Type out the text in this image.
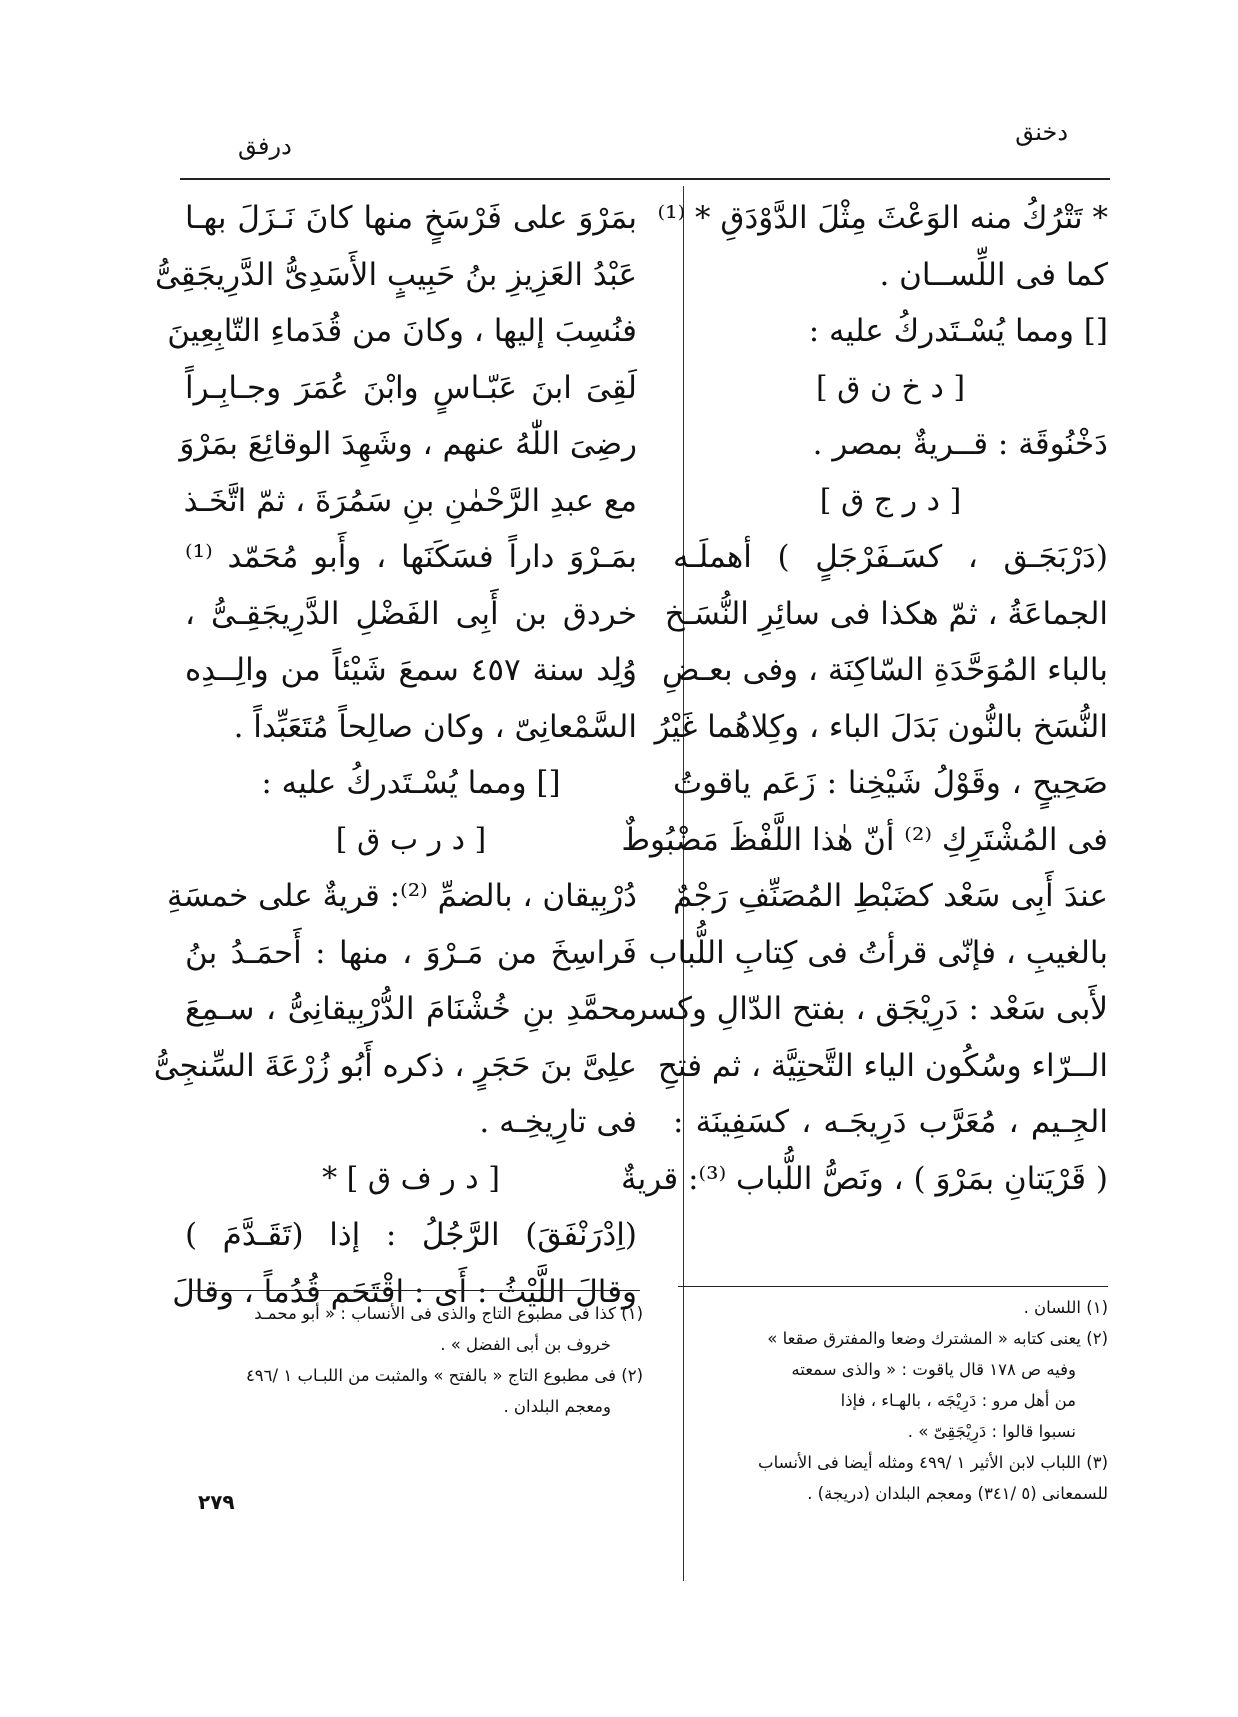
دخنق
درفق
* تَتْرُكُ منه الوَعْثَ مِثْلَ الدَّوْدَقِ * ⁽¹⁾
كما فى اللِّســان .
[] ومما يُسْـتَدركُ عليه :
[ د خ ن ق ]
دَخْنُوقَة : قــريةٌ بمصر .
[ د ر ج ق ]
(دَرْبَجَـق ، كسَـفَرْجَلٍ ) أهملَـه
الجماعَةُ ، ثمّ هكذا فى سائِرِ النُّسَـخ
بالباء المُوَحَّدَةِ السّاكِنَة ، وفى بعـضِ
النُّسَخ بالنُّون بَدَلَ الباء ، وكِلاهُما غَيْرُ
صَحِيحٍ ، وقَوْلُ شَيْخِنا : زَعَم ياقوتُ
فى المُشْتَرِكِ ⁽²⁾ أنّ هٰذا اللَّفْظَ مَضْبُوطٌ
عندَ أَبِى سَعْد كضَبْطِ المُصَنِّفِ رَجْمٌ
بالغيبِ ، فإنّى قرأتُ فى كِتابِ اللُّباب
لأَبى سَعْد : دَرِيْجَق ، بفتح الدّالِ وكسر
الــرّاء وسُكُون الياء التَّحتِيَّة ، ثم فتحِ
الجِـيم ، مُعَرَّب دَرِيجَـه ، كسَفِينَة :
( قَرْيَتانِ بمَرْوَ ) ، ونَصُّ اللُّباب ⁽³⁾: قريةٌ
بمَرْوَ على فَرْسَخٍ منها كانَ نَـزَلَ بهـا
عَبْدُ العَزِيزِ بنُ حَبِيبٍ الأَسَدِىُّ الدَّرِيجَقِىُّ
فنُسِبَ إليها ، وكانَ من قُدَماءِ التّابِعِينَ
لَقِىَ ابنَ عَبّـاسٍ وابْنَ عُمَرَ وجـابِـراً
رضِىَ اللّٰهُ عنهم ، وشَهِدَ الوقائِعَ بمَرْوَ
مع عبدِ الرَّحْمٰنِ بنِ سَمُرَةَ ، ثمّ اتَّخَـذ
بمَـرْوَ داراً فسَكَنَها ، وأَبو مُحَمّد ⁽¹⁾
خردق بن أَبِى الفَضْلِ الدَّرِيجَقِـىُّ ،
وُلِد سنة ٤٥٧ سمعَ شَيْئاً من والِــدِه
السَّمْعانِىّ ، وكان صالِحاً مُتَعَبِّداً .
[] ومما يُسْـتَدركُ عليه :
[ د ر ب ق ]
دُرْبِيقان ، بالضمِّ ⁽²⁾: قريةٌ على خمسَةِ
فَراسِخَ من مَـرْوَ ، منها : أَحمَـدُ بنُ
محمَّدِ بنِ خُشْنَامَ الدُّرْبِيقانِىُّ ، سـمِعَ
علِىَّ بنَ حَجَرٍ ، ذكره أَبُو زُرْعَةَ السِّنجِىُّ
فى تارِيخِـه .
[ د ر ف ق ] *
(اِدْرَنْفَقَ) الرَّجُلُ : إذا (تَقَـدَّمَ )
وقالَ اللَّيْثُ : أَى : اقْتَحَم قُدُماً ، وقالَ	(١) اللسان .
(٢) يعنى كتابه « المشترك وضعا والمفترق صقعا »
وفيه ص ١٧٨ قال ياقوت : « والذى سمعته
من أهل مرو : دَرِيْجَه ، بالهـاء ، فإذا
نسبوا قالوا : دَرِيْجَقِىّ » .
(٣) اللباب لابن الأثير ١ /٤٩٩ ومثله أيضا فى الأنساب
للسمعانى (٥ /٣٤١) ومعجم البلدان (دريجة) .
(١) كذا فى مطبوع التاج والذى فى الأنساب : « أبو محمـد
خروف بن أبى الفضل » .
(٢) فى مطبوع التاج « بالفتح » والمثبت من اللبـاب ١ /٤٩٦
ومعجم البلدان .
٢٧٩
